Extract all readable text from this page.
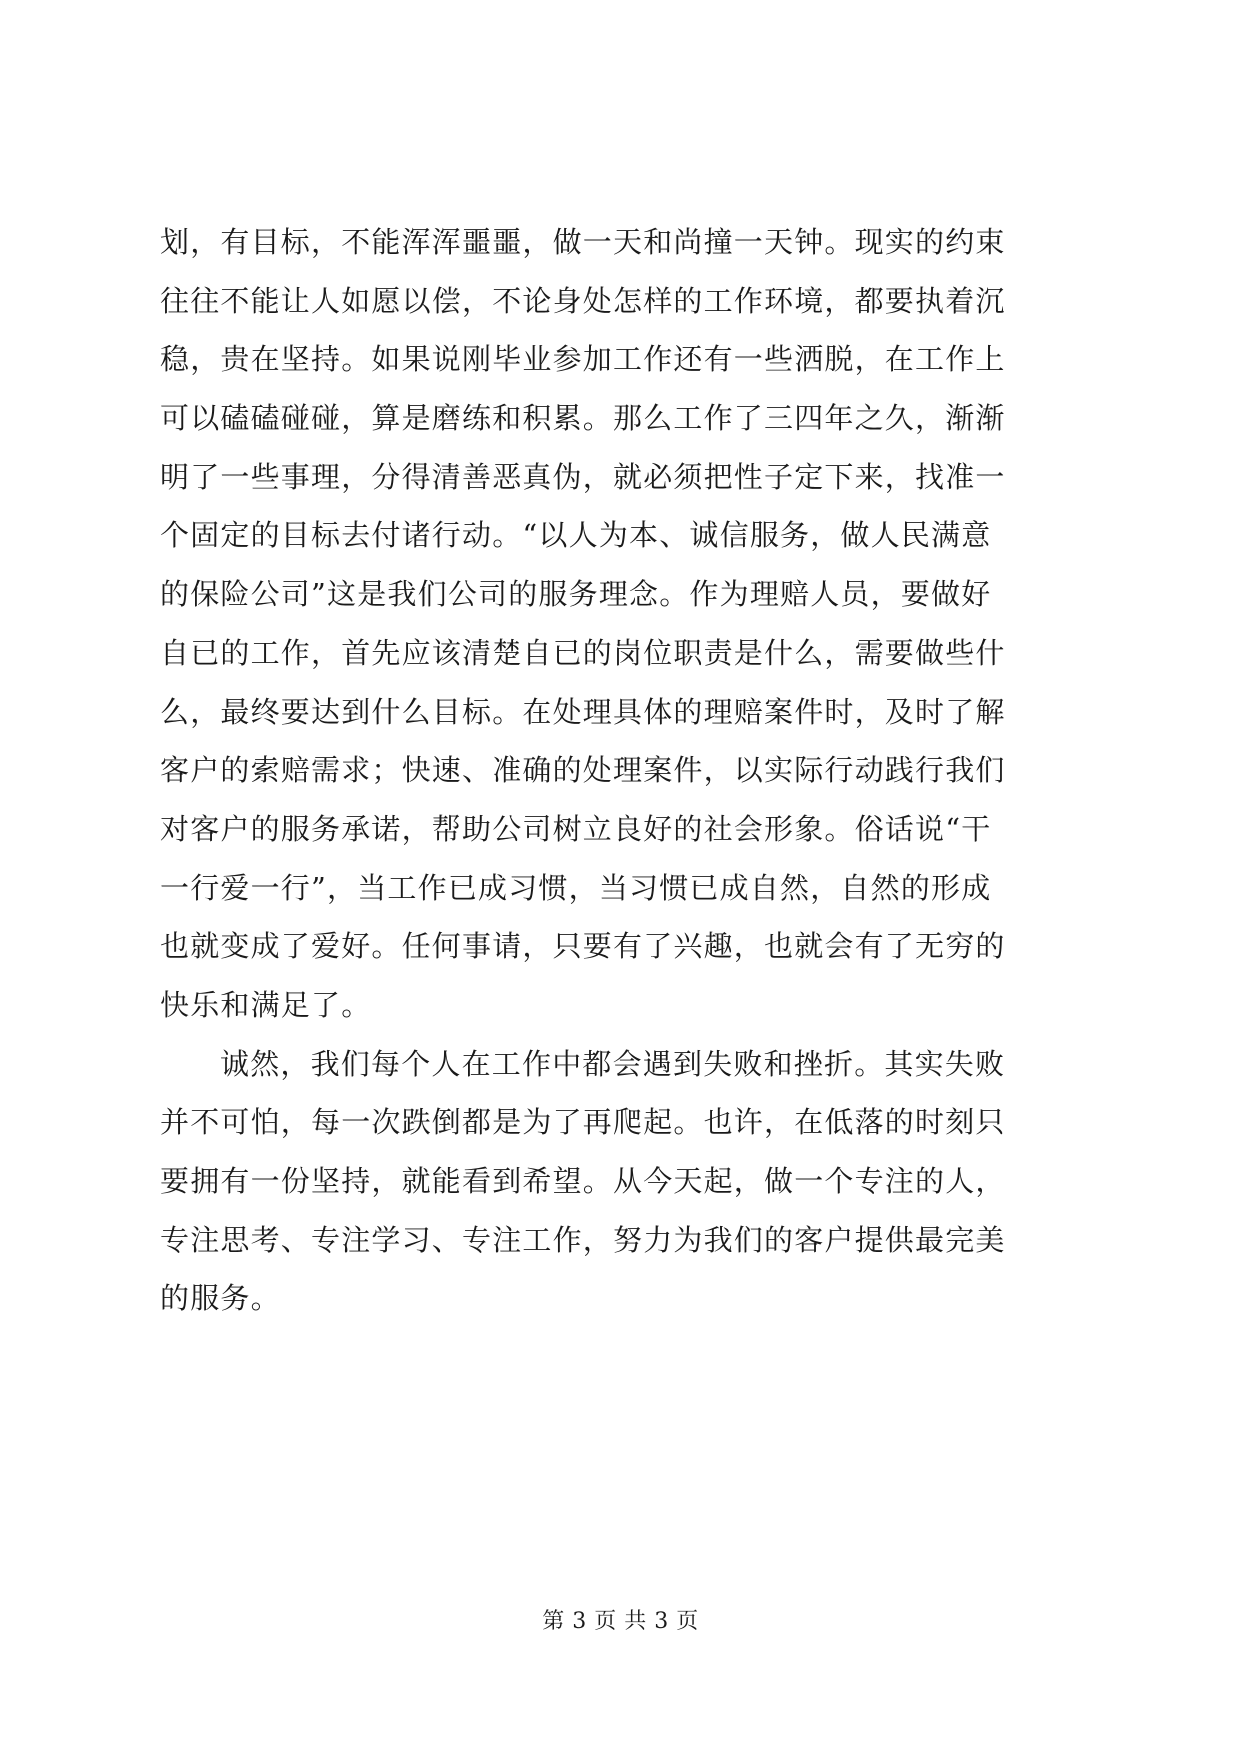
划，有目标，不能浑浑噩噩，做一天和尚撞一天钟。现实的约束
往往不能让人如愿以偿，不论身处怎样的工作环境，都要执着沉
稳，贵在坚持。如果说刚毕业参加工作还有一些洒脱，在工作上
可以磕磕碰碰，算是磨练和积累。那么工作了三四年之久，渐渐
明了一些事理，分得清善恶真伪，就必须把性子定下来，找准一
个固定的目标去付诸行动。“以人为本、诚信服务，做人民满意
的保险公司”这是我们公司的服务理念。作为理赔人员，要做好
自已的工作，首先应该清楚自已的岗位职责是什么，需要做些什
么，最终要达到什么目标。在处理具体的理赔案件时，及时了解
客户的索赔需求；快速、准确的处理案件，以实际行动践行我们
对客户的服务承诺，帮助公司树立良好的社会形象。俗话说“干
一行爱一行”，当工作已成习惯，当习惯已成自然，自然的形成
也就变成了爱好。任何事请，只要有了兴趣，也就会有了无穷的
快乐和满足了。
诚然，我们每个人在工作中都会遇到失败和挫折。其实失败
并不可怕，每一次跌倒都是为了再爬起。也许，在低落的时刻只
要拥有一份坚持，就能看到希望。从今天起，做一个专注的人，
专注思考、专注学习、专注工作，努力为我们的客户提供最完美
的服务。
第 3 页 共 3 页
